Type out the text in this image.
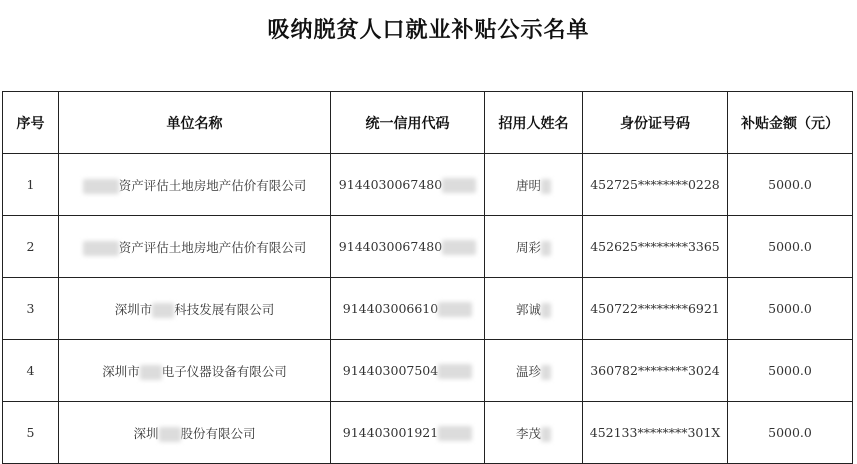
吸纳脱贫人口就业补贴公示名单
序号	单位名称	统一信用代码	招用人姓名	身份证号码	补贴金额（元）
1	资产评估土地房地产估价有限公司	9144030067480	唐明	452725********0228	5000.0
2	资产评估土地房地产估价有限公司	9144030067480	周彩	452625********3365	5000.0
3	深圳市 科技发展有限公司	914403006610	郭诚	450722********6921	5000.0
4	深圳市 电子仪器设备有限公司	914403007504	温珍	360782********3024	5000.0
5	深圳 股份有限公司	914403001921	李茂	452133********301X	5000.0
